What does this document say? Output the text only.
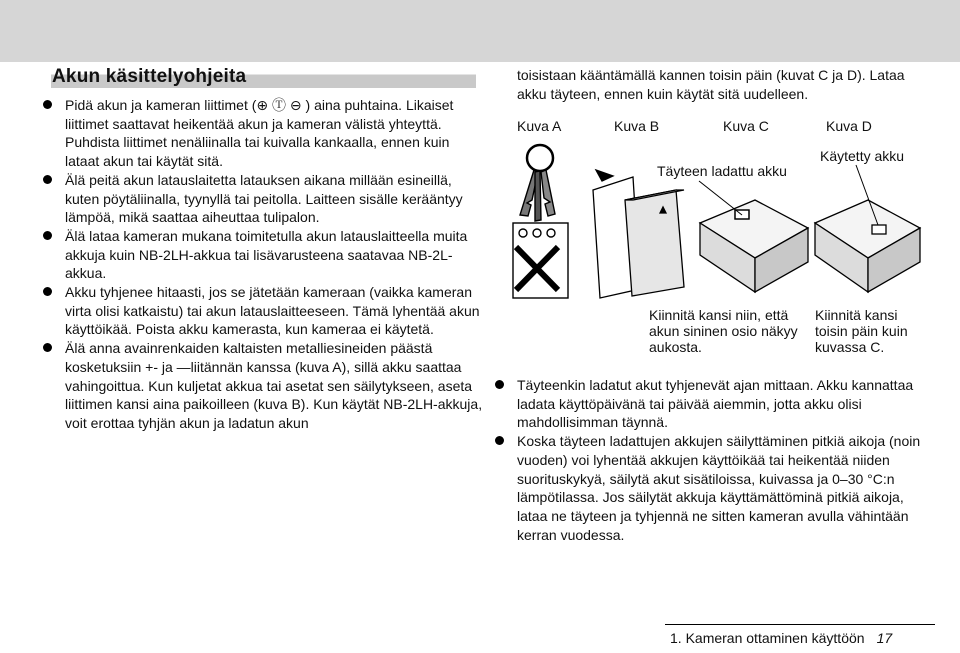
Akun käsittelyohjeita

Pidä akun ja kameran liittimet (⊕ Ⓣ ⊖ ) aina puhtaina. Likaiset liittimet saattavat heikentää akun ja kameran välistä yhteyttä. Puhdista liittimet nenäliinalla tai kuivalla kankaalla, ennen kuin lataat akun tai käytät sitä.

Älä peitä akun latauslaitetta latauksen aikana millään esineillä, kuten pöytäliinalla, tyynyllä tai peitolla. Laitteen sisälle kerääntyy lämpöä, mikä saattaa aiheuttaa tulipalon.

Älä lataa kameran mukana toimitetulla akun latauslaitteella muita akkuja kuin NB-2LH-akkua tai lisävarusteena saatavaa NB-2L-akkua.

Akku tyhjenee hitaasti, jos se jätetään kameraan (vaikka kameran virta olisi katkaistu) tai akun latauslaitteeseen. Tämä lyhentää akun käyttöikää. Poista akku kamerasta, kun kameraa ei käytetä.

Älä anna avainrenkaiden kaltaisten metalliesineiden päästä kosketuksiin +- ja —liitännän kanssa (kuva A), sillä akku saattaa vahingoittua. Kun kuljetat akkua tai asetat sen säilytykseen, aseta liittimen kansi aina paikoilleen (kuva B). Kun käytät NB-2LH-akkuja, voit erottaa tyhjän akun ja ladatun akun

toisistaan kääntämällä kannen toisin päin (kuvat C ja D). Lataa akku täyteen, ennen kuin käytät sitä uudelleen.
Kuva A	Kuva B	Kuva C	Kuva D
Täyteen ladattu akku
Käytetty akku
Kiinnitä kansi niin, että akun sininen osio näkyy aukosta.
Kiinnitä kansi toisin päin kuin kuvassa C.

Täyteenkin ladatut akut tyhjenevät ajan mittaan. Akku kannattaa ladata käyttöpäivänä tai päivää aiemmin, jotta akku olisi mahdollisimman täynnä.

Koska täyteen ladattujen akkujen säilyttäminen pitkiä aikoja (noin vuoden) voi lyhentää akkujen käyttöikää tai heikentää niiden suorituskykyä, säilytä akut sisätiloissa, kuivassa ja 0–30 °C:n lämpötilassa. Jos säilytät akkuja käyttämättöminä pitkiä aikoja, lataa ne täyteen ja tyhjennä ne sitten kameran avulla vähintään kerran vuodessa.

1. Kameran ottaminen käyttöön 17
